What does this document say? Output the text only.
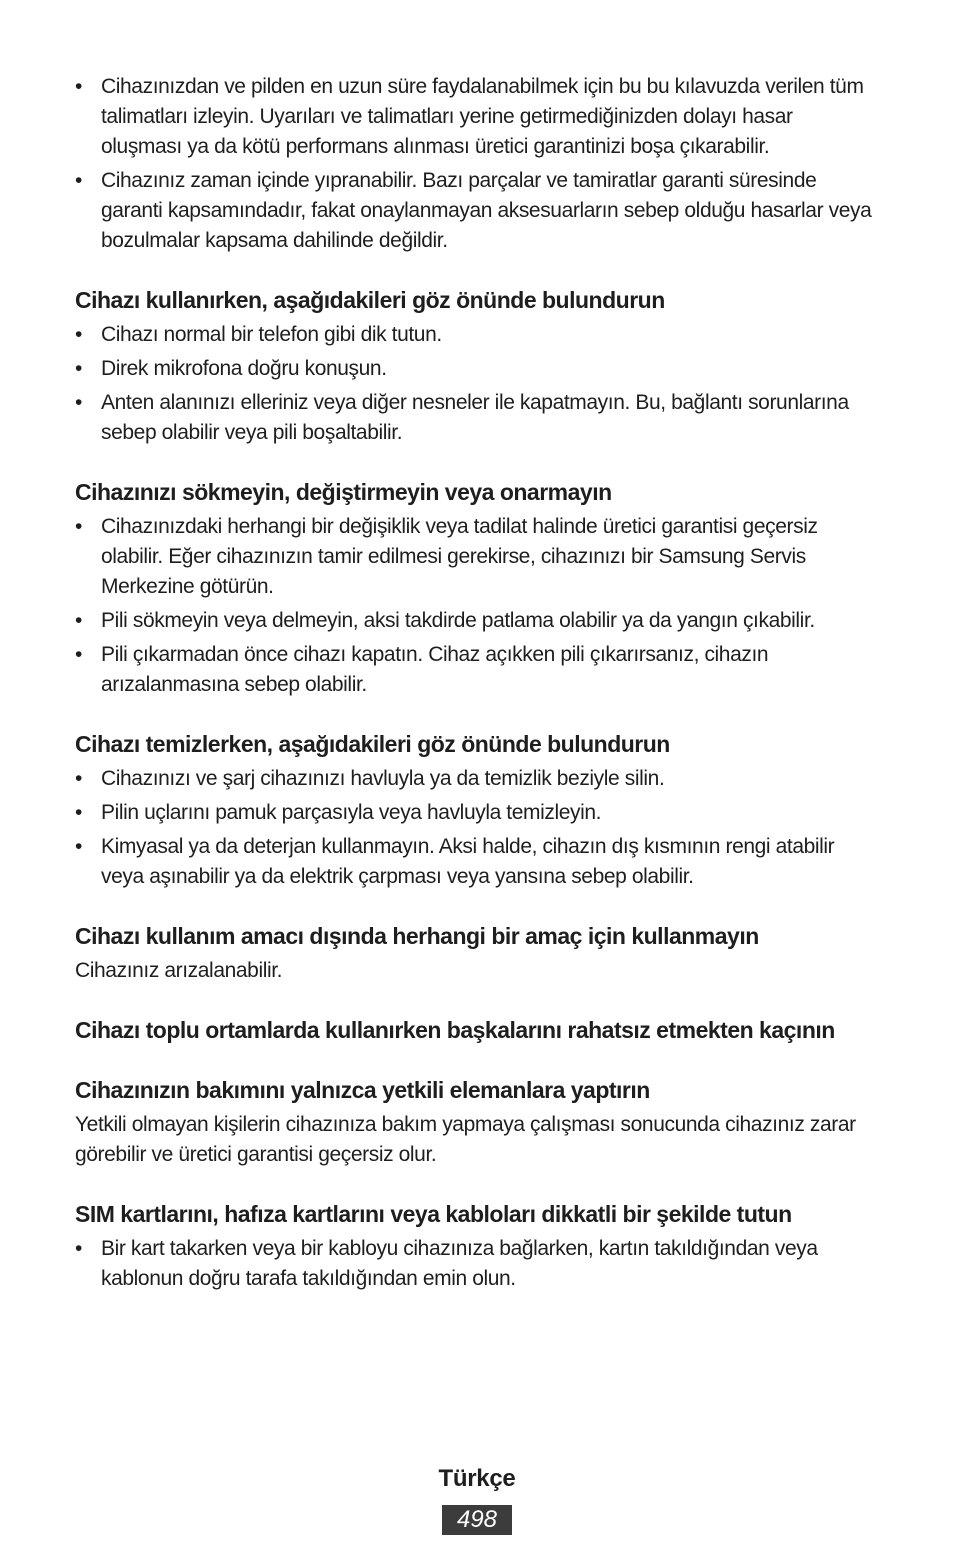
• Cihazınızdan ve pilden en uzun süre faydalanabilmek için bu bu kılavuzda verilen tüm talimatları izleyin. Uyarıları ve talimatları yerine getirmediğinizden dolayı hasar oluşması ya da kötü performans alınması üretici garantinizi boşa çıkarabilir.
• Cihazınız zaman içinde yıpranabilir. Bazı parçalar ve tamiratlar garanti süresinde garanti kapsamındadır, fakat onaylanmayan aksesuarların sebep olduğu hasarlar veya bozulmalar kapsama dahilinde değildir.
Cihazı kullanırken, aşağıdakileri göz önünde bulundurun
• Cihazı normal bir telefon gibi dik tutun.
• Direk mikrofona doğru konuşun.
• Anten alanınızı elleriniz veya diğer nesneler ile kapatmayın. Bu, bağlantı sorunlarına sebep olabilir veya pili boşaltabilir.
Cihazınızı sökmeyin, değiştirmeyin veya onarmayın
• Cihazınızdaki herhangi bir değişiklik veya tadilat halinde üretici garantisi geçersiz olabilir. Eğer cihazınızın tamir edilmesi gerekirse, cihazınızı bir Samsung Servis Merkezine götürün.
• Pili sökmeyin veya delmeyin, aksi takdirde patlama olabilir ya da yangın çıkabilir.
• Pili çıkarmadan önce cihazı kapatın. Cihaz açıkken pili çıkarırsanız, cihazın arızalanmasına sebep olabilir.
Cihazı temizlerken, aşağıdakileri göz önünde bulundurun
• Cihazınızı ve şarj cihazınızı havluyla ya da temizlik beziyle silin.
• Pilin uçlarını pamuk parçasıyla veya havluyla temizleyin.
• Kimyasal ya da deterjan kullanmayın. Aksi halde, cihazın dış kısmının rengi atabilir veya aşınabilir ya da elektrik çarpması veya yansına sebep olabilir.
Cihazı kullanım amacı dışında herhangi bir amaç için kullanmayın

Cihazınız arızalanabilir.

Cihazı toplu ortamlarda kullanırken başkalarını rahatsız etmekten kaçının
Cihazınızın bakımını yalnızca yetkili elemanlara yaptırın

Yetkili olmayan kişilerin cihazınıza bakım yapmaya çalışması sonucunda cihazınız zarar görebilir ve üretici garantisi geçersiz olur.

SIM kartlarını, hafıza kartlarını veya kabloları dikkatli bir şekilde tutun
• Bir kart takarken veya bir kabloyu cihazınıza bağlarken, kartın takıldığından veya kablonun doğru tarafa takıldığından emin olun.
Türkçe
498
